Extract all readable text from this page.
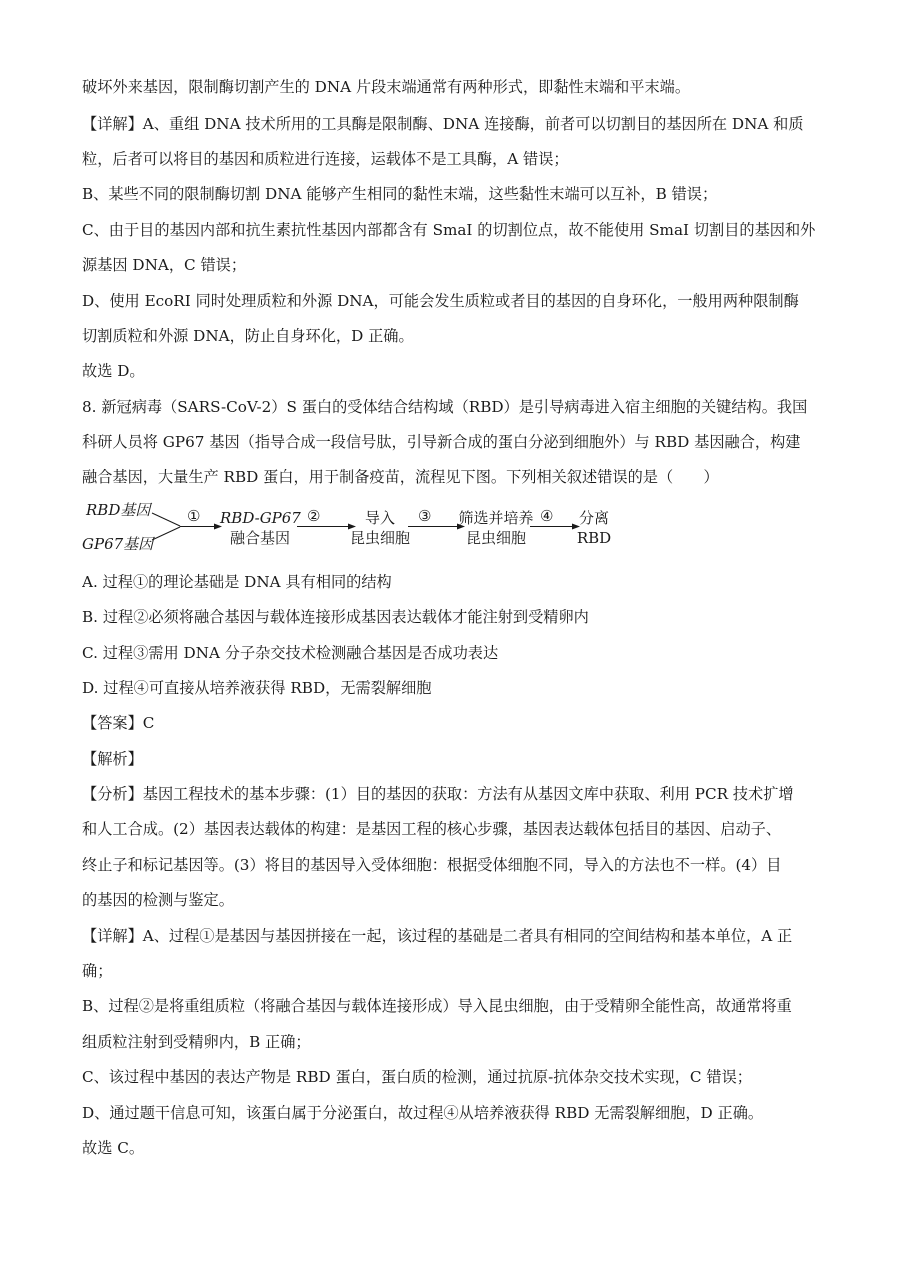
破坏外来基因，限制酶切割产生的 DNA 片段末端通常有两种形式，即黏性末端和平末端。
【详解】A、重组 DNA 技术所用的工具酶是限制酶、DNA 连接酶，前者可以切割目的基因所在 DNA 和质
粒，后者可以将目的基因和质粒进行连接，运载体不是工具酶，A 错误；
B、某些不同的限制酶切割 DNA 能够产生相同的黏性末端，这些黏性末端可以互补，B 错误；
C、由于目的基因内部和抗生素抗性基因内部都含有 SmaI 的切割位点，故不能使用 SmaI 切割目的基因和外
源基因 DNA，C 错误；
D、使用 EcoRI 同时处理质粒和外源 DNA，可能会发生质粒或者目的基因的自身环化，一般用两种限制酶
切割质粒和外源 DNA，防止自身环化，D 正确。
故选 D。
8. 新冠病毒（SARS-CoV-2）S 蛋白的受体结合结构域（RBD）是引导病毒进入宿主细胞的关键结构。我国
科研人员将 GP67 基因（指导合成一段信号肽，引导新合成的蛋白分泌到细胞外）与 RBD 基因融合，构建
融合基因，大量生产 RBD 蛋白，用于制备疫苗，流程见下图。下列相关叙述错误的是（　　）
RBD基因
GP67基因
① RBD-GP67
融合基因
②	导入
昆虫细胞
③ 筛选并培养
昆虫细胞
④	分离
RBD
A. 过程①的理论基础是 DNA 具有相同的结构
B. 过程②必须将融合基因与载体连接形成基因表达载体才能注射到受精卵内
C. 过程③需用 DNA 分子杂交技术检测融合基因是否成功表达
D. 过程④可直接从培养液获得 RBD，无需裂解细胞
【答案】C
【解析】
【分析】基因工程技术的基本步骤：(1）目的基因的获取：方法有从基因文库中获取、利用 PCR 技术扩增
和人工合成。(2）基因表达载体的构建：是基因工程的核心步骤，基因表达载体包括目的基因、启动子、
终止子和标记基因等。(3）将目的基因导入受体细胞：根据受体细胞不同，导入的方法也不一样。(4）目
的基因的检测与鉴定。
【详解】A、过程①是基因与基因拼接在一起，该过程的基础是二者具有相同的空间结构和基本单位，A 正
确；
B、过程②是将重组质粒（将融合基因与载体连接形成）导入昆虫细胞，由于受精卵全能性高，故通常将重
组质粒注射到受精卵内，B 正确；
C、该过程中基因的表达产物是 RBD 蛋白，蛋白质的检测，通过抗原-抗体杂交技术实现，C 错误；
D、通过题干信息可知，该蛋白属于分泌蛋白，故过程④从培养液获得 RBD 无需裂解细胞，D 正确。
故选 C。
